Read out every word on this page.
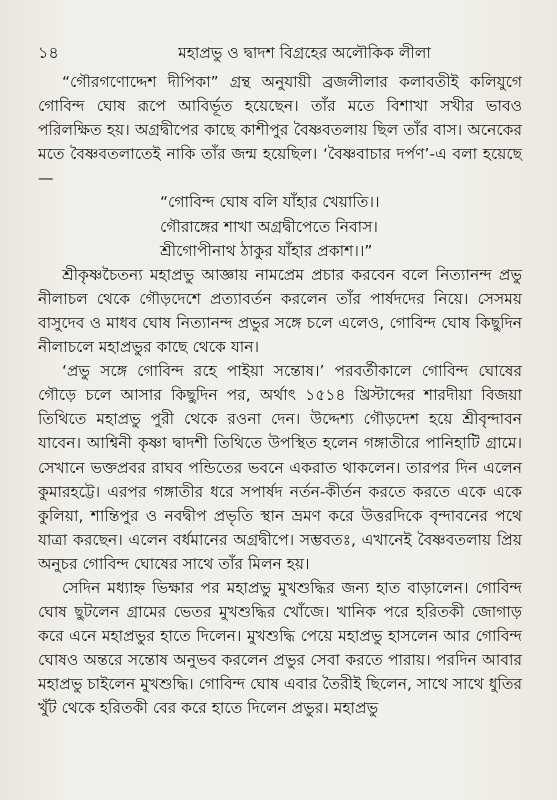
১৪	মহাপ্রভু ও দ্বাদশ বিগ্রহের অলৌকিক লীলা

“গৌরগণোদ্দেশ দীপিকা” গ্রন্থ অনুযায়ী ব্রজলীলার কলাবতীই কলিযুগে গোবিন্দ ঘোষ রূপে আবির্ভূত হয়েছেন। তাঁর মতে বিশাখা সখীর ভাবও পরিলক্ষিত হয়। অগ্রদ্বীপের কাছে কাশীপুর বৈষ্ণবতলায় ছিল তাঁর বাস। অনেকের মতে বৈষ্ণবতলাতেই নাকি তাঁর জন্ম হয়েছিল। ‘বৈষ্ণবাচার দর্পণ’-এ বলা হয়েছে—

“গোবিন্দ ঘোষ বলি যাঁহার খেয়াতি।।
গৌরাঙ্গের শাখা অগ্রদ্বীপেতে নিবাস।
শ্রীগোপীনাথ ঠাকুর যাঁহার প্রকাশ।।”

শ্রীকৃষ্ণচৈতন্য মহাপ্রভু আজ্ঞায় নামপ্রেম প্রচার করবেন বলে নিত্যানন্দ প্রভু নীলাচল থেকে গৌড়দেশে প্রত্যাবর্তন করলেন তাঁর পার্ষদদের নিয়ে। সেসময় বাসুদেব ও মাধব ঘোষ নিত্যানন্দ প্রভুর সঙ্গে চলে এলেও, গোবিন্দ ঘোষ কিছুদিন নীলাচলে মহাপ্রভুর কাছে থেকে যান।

‘প্রভু সঙ্গে গোবিন্দ রহে পাইয়া সন্তোষ।’ পরবর্তীকালে গোবিন্দ ঘোষের গৌড়ে চলে আসার কিছুদিন পর, অর্থাৎ ১৫১৪ খ্রিস্টাব্দের শারদীয়া বিজয়া তিথিতে মহাপ্রভু পুরী থেকে রওনা দেন। উদ্দেশ্য গৌড়দেশ হয়ে শ্রীবৃন্দাবন যাবেন। আশ্বিনী কৃষ্ণা দ্বাদশী তিথিতে উপস্থিত হলেন গঙ্গাতীরে পানিহাটি গ্রামে। সেখানে ভক্তপ্রবর রাঘব পন্ডিতের ভবনে একরাত থাকলেন। তারপর দিন এলেন কুমারহট্টে। এরপর গঙ্গাতীর ধরে সপার্ষদ নর্তন-কীর্তন করতে করতে একে একে কুলিয়া, শান্তিপুর ও নবদ্বীপ প্রভৃতি স্থান ভ্রমণ করে উত্তরদিকে বৃন্দাবনের পথে যাত্রা করছেন। এলেন বর্ধমানের অগ্রদ্বীপে। সম্ভবতঃ, এখানেই বৈষ্ণবতলায় প্রিয় অনুচর গোবিন্দ ঘোষের সাথে তাঁর মিলন হয়।

সেদিন মধ্যাহ্ন ভিক্ষার পর মহাপ্রভু মুখশুদ্ধির জন্য হাত বাড়ালেন। গোবিন্দ ঘোষ ছুটলেন গ্রামের ভেতর মুখশুদ্ধির খোঁজে। খানিক পরে হরিতকী জোগাড় করে এনে মহাপ্রভুর হাতে দিলেন। মুখশুদ্ধি পেয়ে মহাপ্রভু হাসলেন আর গোবিন্দ ঘোষও অন্তরে সন্তোষ অনুভব করলেন প্রভুর সেবা করতে পারায়। পরদিন আবার মহাপ্রভু চাইলেন মুখশুদ্ধি। গোবিন্দ ঘোষ এবার তৈরীই ছিলেন, সাথে সাথে ধুতির খুঁট থেকে হরিতকী বের করে হাতে দিলেন প্রভুর। মহাপ্রভু
